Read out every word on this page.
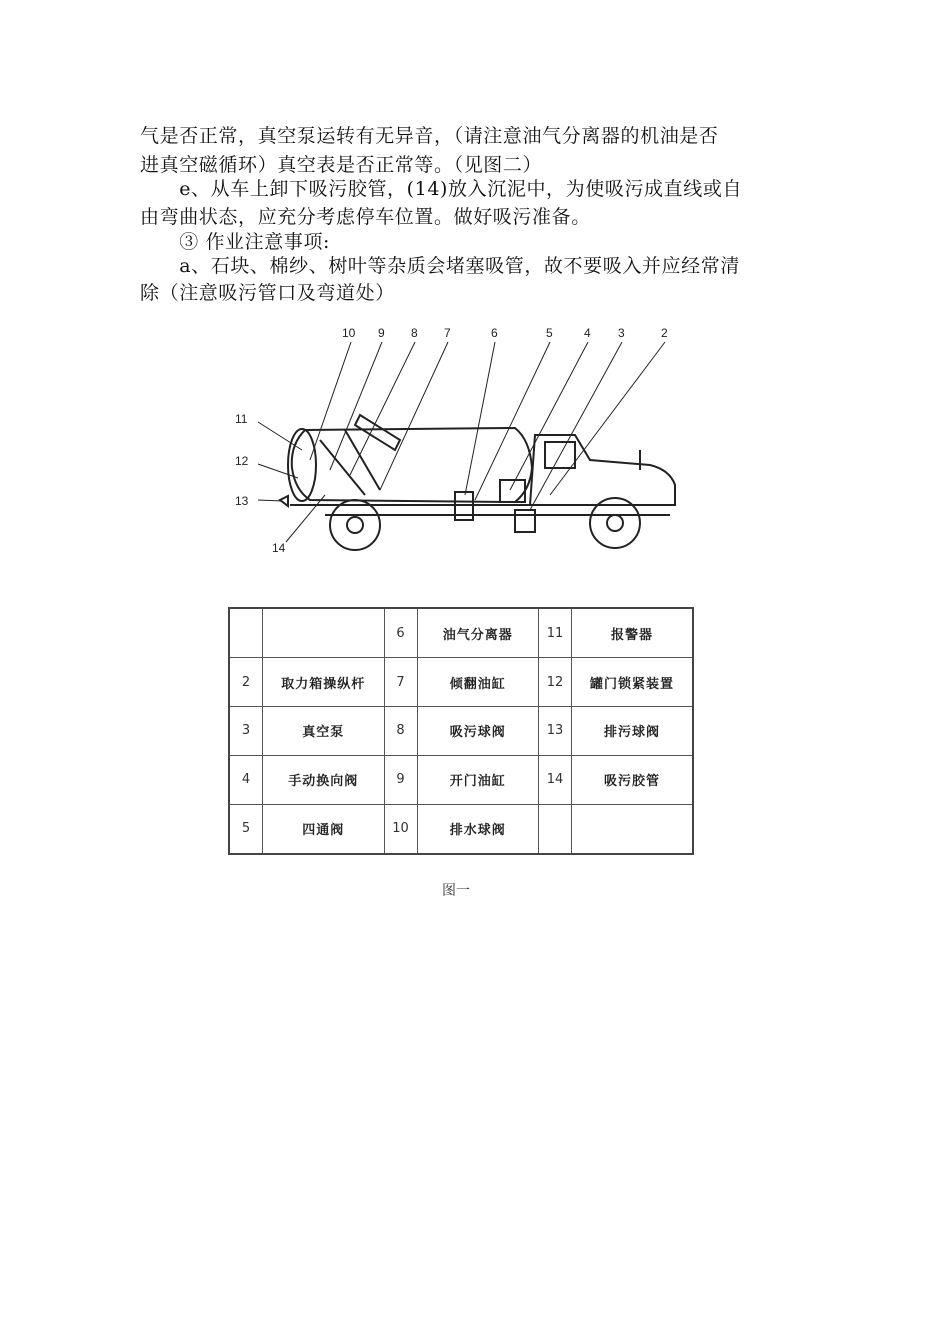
气是否正常，真空泵运转有无异音，（请注意油气分离器的机油是否
进真空磁循环）真空表是否正常等。（见图二）
　　e、从车上卸下吸污胶管，(14)放入沉泥中，为使吸污成直线或自
由弯曲状态，应充分考虑停车位置。做好吸污准备。
　　③ 作业注意事项:
　　a、石块、棉纱、树叶等杂质会堵塞吸管，故不要吸入并应经常清
除（注意吸污管口及弯道处）
10 9 8 7	6	5	4 3	2
11
12
13
14
		6	油气分离器	11	报警器
2	取力箱操纵杆	7	倾翻油缸	12	罐门锁紧装置
3	真空泵	8	吸污球阀	13	排污球阀
4	手动换向阀	9	开门油缸	14	吸污胶管
5	四通阀	10	排水球阀		
图一
